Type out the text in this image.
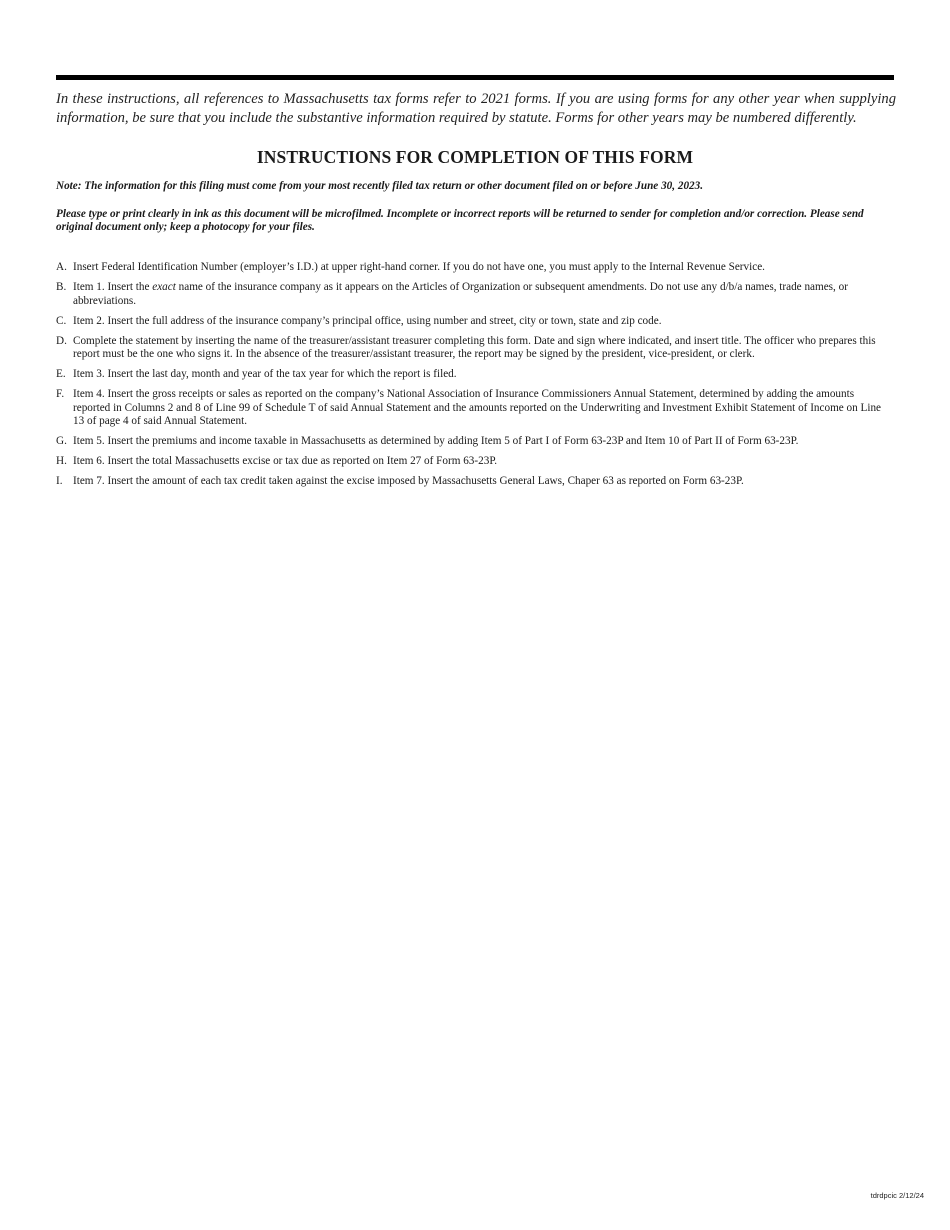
In these instructions, all references to Massachusetts tax forms refer to 2021 forms. If you are using forms for any other year when supplying information, be sure that you include the substantive information required by statute. Forms for other years may be numbered differently.

INSTRUCTIONS FOR COMPLETION OF THIS FORM

Note: The information for this filing must come from your most recently filed tax return or other document filed on or before June 30, 2023.

Please type or print clearly in ink as this document will be microfilmed. Incomplete or incorrect reports will be returned to sender for completion and/or correction. Please send original document only; keep a photocopy for your files.

A. Insert Federal Identification Number (employer’s I.D.) at upper right-hand corner. If you do not have one, you must apply to the Internal Revenue Service.
B. Item 1. Insert the exact name of the insurance company as it appears on the Articles of Organization or subsequent amendments. Do not use any d/b/a names, trade names, or abbreviations.
C. Item 2. Insert the full address of the insurance company’s principal office, using number and street, city or town, state and zip code.
D. Complete the statement by inserting the name of the treasurer/assistant treasurer completing this form. Date and sign where indicated, and insert title. The officer who prepares this report must be the one who signs it. In the absence of the treasurer/assistant treasurer, the report may be signed by the president, vice-president, or clerk.
E. Item 3. Insert the last day, month and year of the tax year for which the report is filed.
F. Item 4. Insert the gross receipts or sales as reported on the company’s National Association of Insurance Commissioners Annual Statement, determined by adding the amounts reported in Columns 2 and 8 of Line 99 of Schedule T of said Annual Statement and the amounts reported on the Underwriting and Investment Exhibit Statement of Income on Line 13 of page 4 of said Annual Statement.
G. Item 5. Insert the premiums and income taxable in Massachusetts as determined by adding Item 5 of Part I of Form 63-23P and Item 10 of Part II of Form 63-23P.
H. Item 6. Insert the total Massachusetts excise or tax due as reported on Item 27 of Form 63-23P.
I. Item 7. Insert the amount of each tax credit taken against the excise imposed by Massachusetts General Laws, Chaper 63 as reported on Form 63-23P.
tdrdpcic 2/12/24
